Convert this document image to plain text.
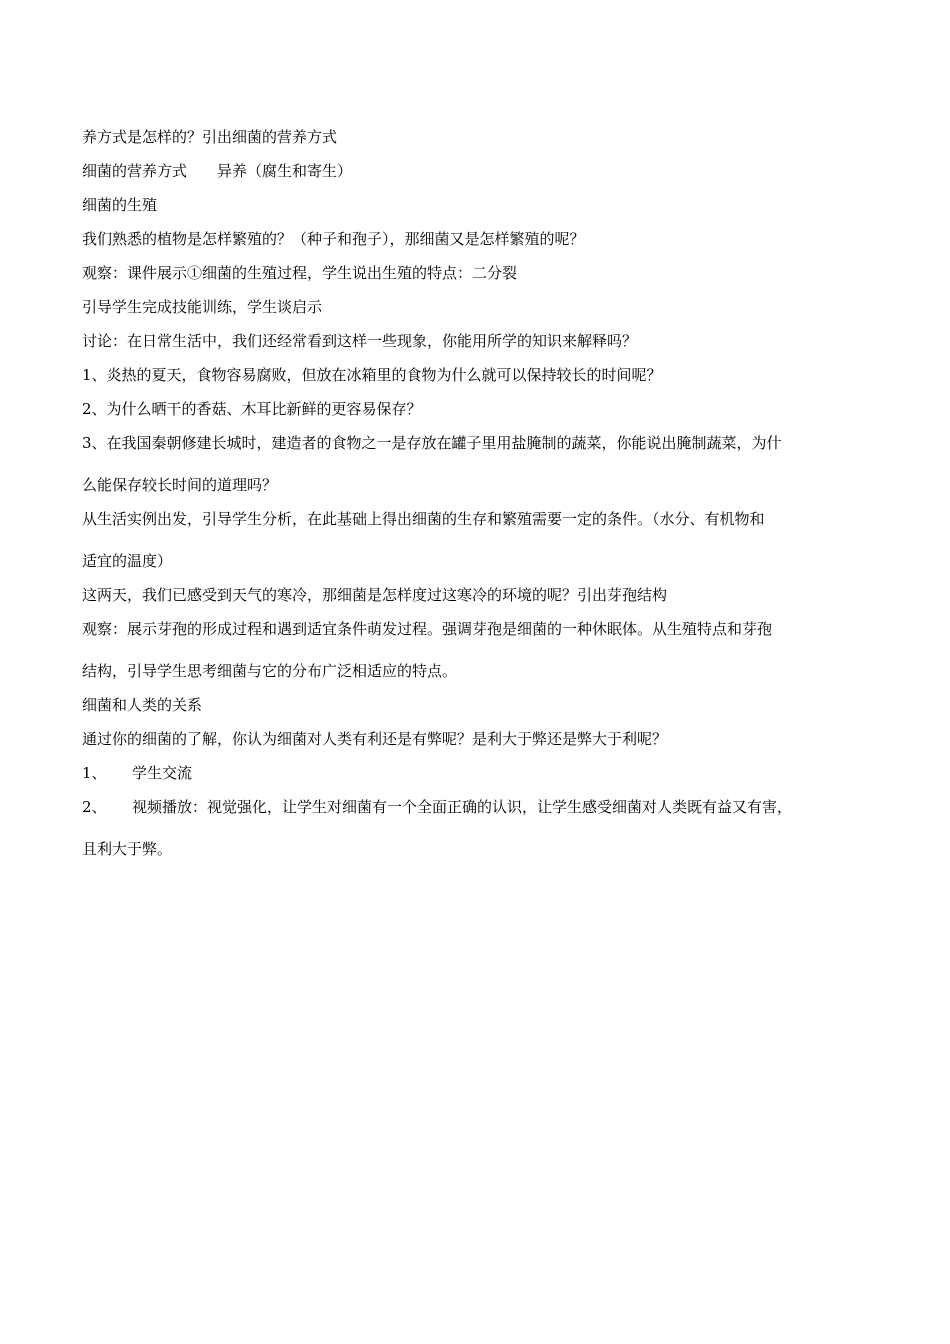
养方式是怎样的？引出细菌的营养方式
细菌的营养方式　　异养（腐生和寄生）
细菌的生殖
我们熟悉的植物是怎样繁殖的？（种子和孢子），那细菌又是怎样繁殖的呢？
观察：课件展示①细菌的生殖过程，学生说出生殖的特点：二分裂
引导学生完成技能训练，学生谈启示
讨论：在日常生活中，我们还经常看到这样一些现象，你能用所学的知识来解释吗？
1、炎热的夏天，食物容易腐败，但放在冰箱里的食物为什么就可以保持较长的时间呢？
2、为什么晒干的香菇、木耳比新鲜的更容易保存？
3、在我国秦朝修建长城时，建造者的食物之一是存放在罐子里用盐腌制的蔬菜，你能说出腌制蔬菜，为什
么能保存较长时间的道理吗？
从生活实例出发，引导学生分析，在此基础上得出细菌的生存和繁殖需要一定的条件。（水分、有机物和
适宜的温度）
这两天，我们已感受到天气的寒冷，那细菌是怎样度过这寒冷的环境的呢？引出芽孢结构
观察：展示芽孢的形成过程和遇到适宜条件萌发过程。强调芽孢是细菌的一种休眠体。从生殖特点和芽孢
结构，引导学生思考细菌与它的分布广泛相适应的特点。
细菌和人类的关系
通过你的细菌的了解，你认为细菌对人类有利还是有弊呢？是利大于弊还是弊大于利呢？
1、 学生交流
2、 视频播放：视觉强化，让学生对细菌有一个全面正确的认识，让学生感受细菌对人类既有益又有害，
且利大于弊。
